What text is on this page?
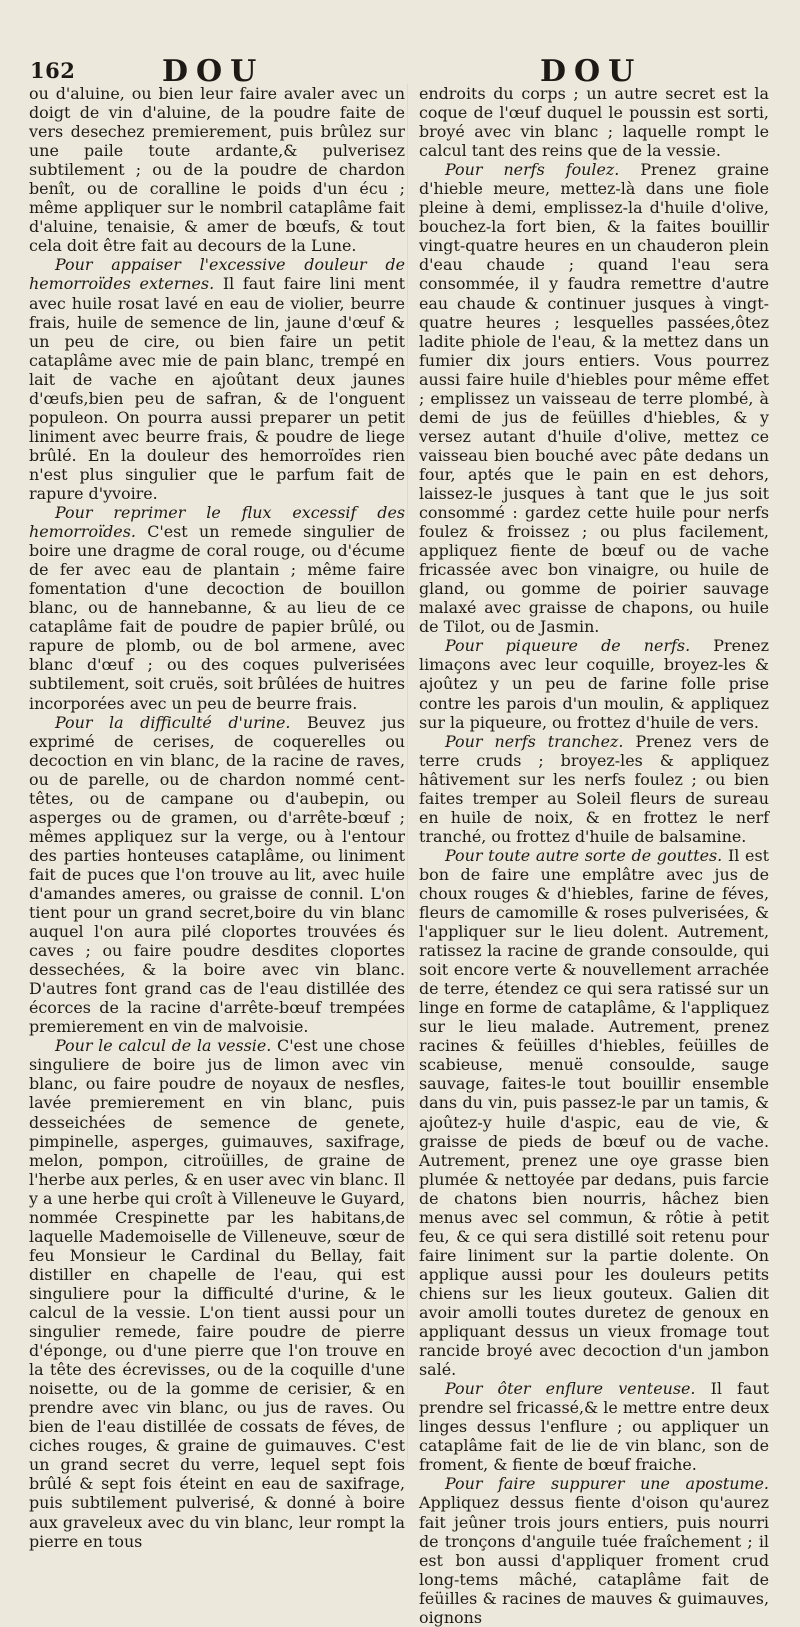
162	DOU	DOU

ou d'aluine, ou bien leur faire avaler avec un doigt de vin d'aluine, de la poudre faite de vers desechez premierement, puis brûlez sur une paile toute ardante,& pulverisez subtilement ; ou de la poudre de chardon benît, ou de coralline le poids d'un écu ; même appliquer sur le nombril cataplâme fait d'aluine, tenaisie, & amer de bœufs, & tout cela doit être fait au decours de la Lune.

Pour appaiser l'excessive douleur de hemorroïdes externes. Il faut faire lini ment avec huile rosat lavé en eau de violier, beurre frais, huile de semence de lin, jaune d'œuf & un peu de cire, ou bien faire un petit cataplâme avec mie de pain blanc, trempé en lait de vache en ajoûtant deux jaunes d'œufs,bien peu de safran, & de l'onguent populeon. On pourra aussi preparer un petit liniment avec beurre frais, & poudre de liege brûlé. En la douleur des hemorroïdes rien n'est plus singulier que le parfum fait de rapure d'yvoire.

Pour reprimer le flux excessif des hemorroïdes. C'est un remede singulier de boire une dragme de coral rouge, ou d'écume de fer avec eau de plantain ; même faire fomentation d'une decoction de bouillon blanc, ou de hannebanne, & au lieu de ce cataplâme fait de poudre de papier brûlé, ou rapure de plomb, ou de bol armene, avec blanc d'œuf ; ou des coques pulverisées subtilement, soit cruës, soit brûlées de huitres incorporées avec un peu de beurre frais.

Pour la difficulté d'urine. Beuvez jus exprimé de cerises, de coquerelles ou decoction en vin blanc, de la racine de raves, ou de parelle, ou de chardon nommé cent-têtes, ou de campane ou d'aubepin, ou asperges ou de gramen, ou d'arrête-bœuf ; mêmes appliquez sur la verge, ou à l'entour des parties honteuses cataplâme, ou liniment fait de puces que l'on trouve au lit, avec huile d'amandes ameres, ou graisse de connil. L'on tient pour un grand secret,boire du vin blanc auquel l'on aura pilé cloportes trouvées és caves ; ou faire poudre desdites cloportes dessechées, & la boire avec vin blanc. D'autres font grand cas de l'eau distillée des écorces de la racine d'arrête-bœuf trempées premierement en vin de malvoisie.

Pour le calcul de la vessie. C'est une chose singuliere de boire jus de limon avec vin blanc, ou faire poudre de noyaux de nesfles, lavée premierement en vin blanc, puis desseichées de semence de genete, pimpinelle, asperges, guimauves, saxifrage, melon, pompon, citroüilles, de graine de l'herbe aux perles, & en user avec vin blanc. Il y a une herbe qui croît à Villeneuve le Guyard, nommée Crespinette par les habitans,de laquelle Mademoiselle de Villeneuve, sœur de feu Monsieur le Cardinal du Bellay, fait distiller en chapelle de l'eau, qui est singuliere pour la difficulté d'urine, & le calcul de la vessie. L'on tient aussi pour un singulier remede, faire poudre de pierre d'éponge, ou d'une pierre que l'on trouve en la tête des écrevisses, ou de la coquille d'une noisette, ou de la gomme de cerisier, & en prendre avec vin blanc, ou jus de raves. Ou bien de l'eau distillée de cossats de féves, de ciches rouges, & graine de guimauves. C'est un grand secret du verre, lequel sept fois brûlé & sept fois éteint en eau de saxifrage, puis subtilement pulverisé, & donné à boire aux graveleux avec du vin blanc, leur rompt la pierre en tous

endroits du corps ; un autre secret est la coque de l'œuf duquel le poussin est sorti, broyé avec vin blanc ; laquelle rompt le calcul tant des reins que de la vessie.

Pour nerfs foulez. Prenez graine d'hieble meure, mettez-là dans une fiole pleine à demi, emplissez-la d'huile d'olive, bouchez-la fort bien, & la faites bouillir vingt-quatre heures en un chauderon plein d'eau chaude ; quand l'eau sera consommée, il y faudra remettre d'autre eau chaude & continuer jusques à vingt-quatre heures ; lesquelles passées,ôtez ladite phiole de l'eau, & la mettez dans un fumier dix jours entiers. Vous pourrez aussi faire huile d'hiebles pour même effet ; emplissez un vaisseau de terre plombé, à demi de jus de feüilles d'hiebles, & y versez autant d'huile d'olive, mettez ce vaisseau bien bouché avec pâte dedans un four, aptés que le pain en est dehors, laissez-le jusques à tant que le jus soit consommé : gardez cette huile pour nerfs foulez & froissez ; ou plus facilement, appliquez fiente de bœuf ou de vache fricassée avec bon vinaigre, ou huile de gland, ou gomme de poirier sauvage malaxé avec graisse de chapons, ou huile de Tilot, ou de Jasmin.

Pour piqueure de nerfs. Prenez limaçons avec leur coquille, broyez-les & ajoûtez y un peu de farine folle prise contre les parois d'un moulin, & appliquez sur la piqueure, ou frottez d'huile de vers.

Pour nerfs tranchez. Prenez vers de terre cruds ; broyez-les & appliquez hâtivement sur les nerfs foulez ; ou bien faites tremper au Soleil fleurs de sureau en huile de noix, & en frottez le nerf tranché, ou frottez d'huile de balsamine.

Pour toute autre sorte de gouttes. Il est bon de faire une emplâtre avec jus de choux rouges & d'hiebles, farine de féves, fleurs de camomille & roses pulverisées, & l'appliquer sur le lieu dolent. Autrement, ratissez la racine de grande consoulde, qui soit encore verte & nouvellement arrachée de terre, étendez ce qui sera ratissé sur un linge en forme de cataplâme, & l'appliquez sur le lieu malade. Autrement, prenez racines & feüilles d'hiebles, feüilles de scabieuse, menuë consoulde, sauge sauvage, faites-le tout bouillir ensemble dans du vin, puis passez-le par un tamis, & ajoûtez-y huile d'aspic, eau de vie, & graisse de pieds de bœuf ou de vache. Autrement, prenez une oye grasse bien plumée & nettoyée par dedans, puis farcie de chatons bien nourris, hâchez bien menus avec sel commun, & rôtie à petit feu, & ce qui sera distillé soit retenu pour faire liniment sur la partie dolente. On applique aussi pour les douleurs petits chiens sur les lieux gouteux. Galien dit avoir amolli toutes duretez de genoux en appliquant dessus un vieux fromage tout rancide broyé avec decoction d'un jambon salé.

Pour ôter enflure venteuse. Il faut prendre sel fricassé,& le mettre entre deux linges dessus l'enflure ; ou appliquer un cataplâme fait de lie de vin blanc, son de froment, & fiente de bœuf fraiche.

Pour faire suppurer une apostume. Appliquez dessus fiente d'oison qu'aurez fait jeûner trois jours entiers, puis nourri de tronçons d'anguile tuée fraîchement ; il est bon aussi d'appliquer froment crud long-tems mâché, cataplâme fait de feüilles & racines de mauves & guimauves, oignons
